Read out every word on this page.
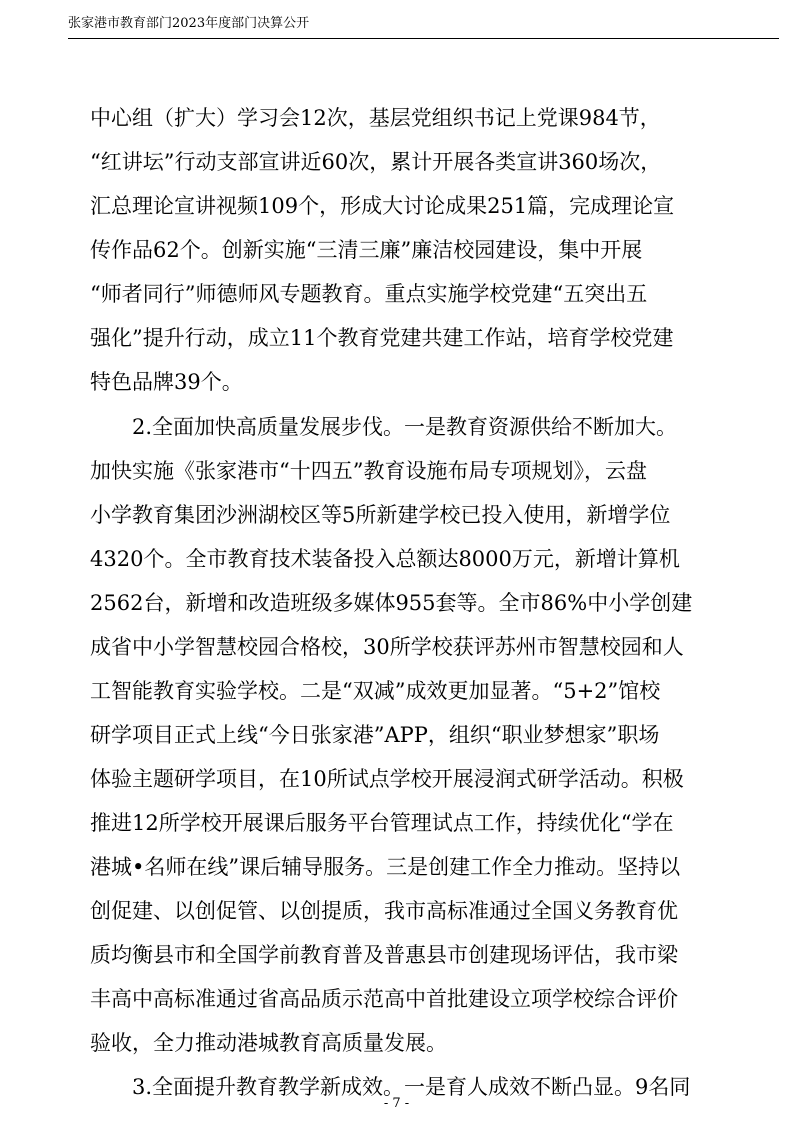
张家港市教育部门2023年度部门决算公开
中心组（扩大）学习会12次，基层党组织书记上党课984节，
“红讲坛”行动支部宣讲近60次，累计开展各类宣讲360场次，
汇总理论宣讲视频109个，形成大讨论成果251篇，完成理论宣
传作品62个。创新实施“三清三廉”廉洁校园建设，集中开展
“师者同行”师德师风专题教育。重点实施学校党建“五突出五
强化”提升行动，成立11个教育党建共建工作站，培育学校党建
特色品牌39个。
2.全面加快高质量发展步伐。一是教育资源供给不断加大。
加快实施《张家港市“十四五”教育设施布局专项规划》，云盘
小学教育集团沙洲湖校区等5所新建学校已投入使用，新增学位
4320个。全市教育技术装备投入总额达8000万元，新增计算机
2562台，新增和改造班级多媒体955套等。全市86%中小学创建
成省中小学智慧校园合格校，30所学校获评苏州市智慧校园和人
工智能教育实验学校。二是“双减”成效更加显著。“5+2”馆校
研学项目正式上线“今日张家港”APP，组织“职业梦想家”职场
体验主题研学项目，在10所试点学校开展浸润式研学活动。积极
推进12所学校开展课后服务平台管理试点工作，持续优化“学在
港城•名师在线”课后辅导服务。三是创建工作全力推动。坚持以
创促建、以创促管、以创提质，我市高标准通过全国义务教育优
质均衡县市和全国学前教育普及普惠县市创建现场评估，我市梁
丰高中高标准通过省高品质示范高中首批建设立项学校综合评价
验收，全力推动港城教育高质量发展。
3.全面提升教育教学新成效。一是育人成效不断凸显。9名同
- 7 -
